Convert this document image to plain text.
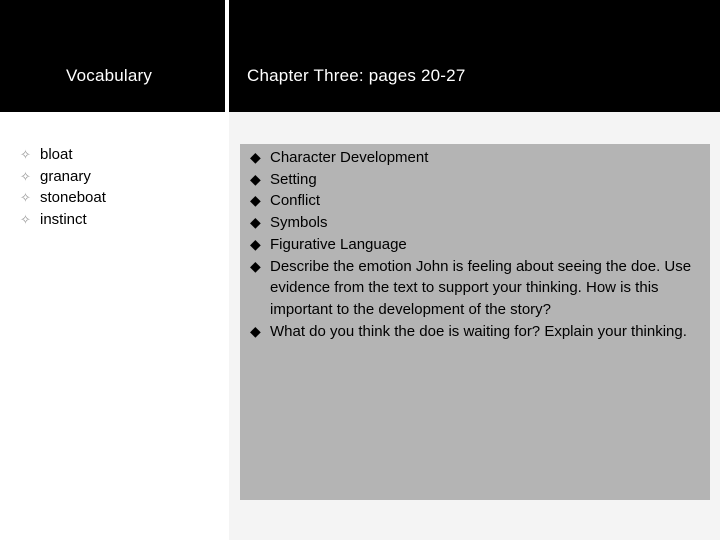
Vocabulary	Chapter Three: pages 20-27
✧ bloat
✧ granary
✧ stoneboat
✧ instinct
◆ Character Development
◆ Setting
◆ Conflict
◆ Symbols
◆ Figurative Language
◆ Describe the emotion John is feeling about seeing the doe. Use evidence from the text to support your thinking. How is this important to the development of the story?
◆ What do you think the doe is waiting for? Explain your thinking.
